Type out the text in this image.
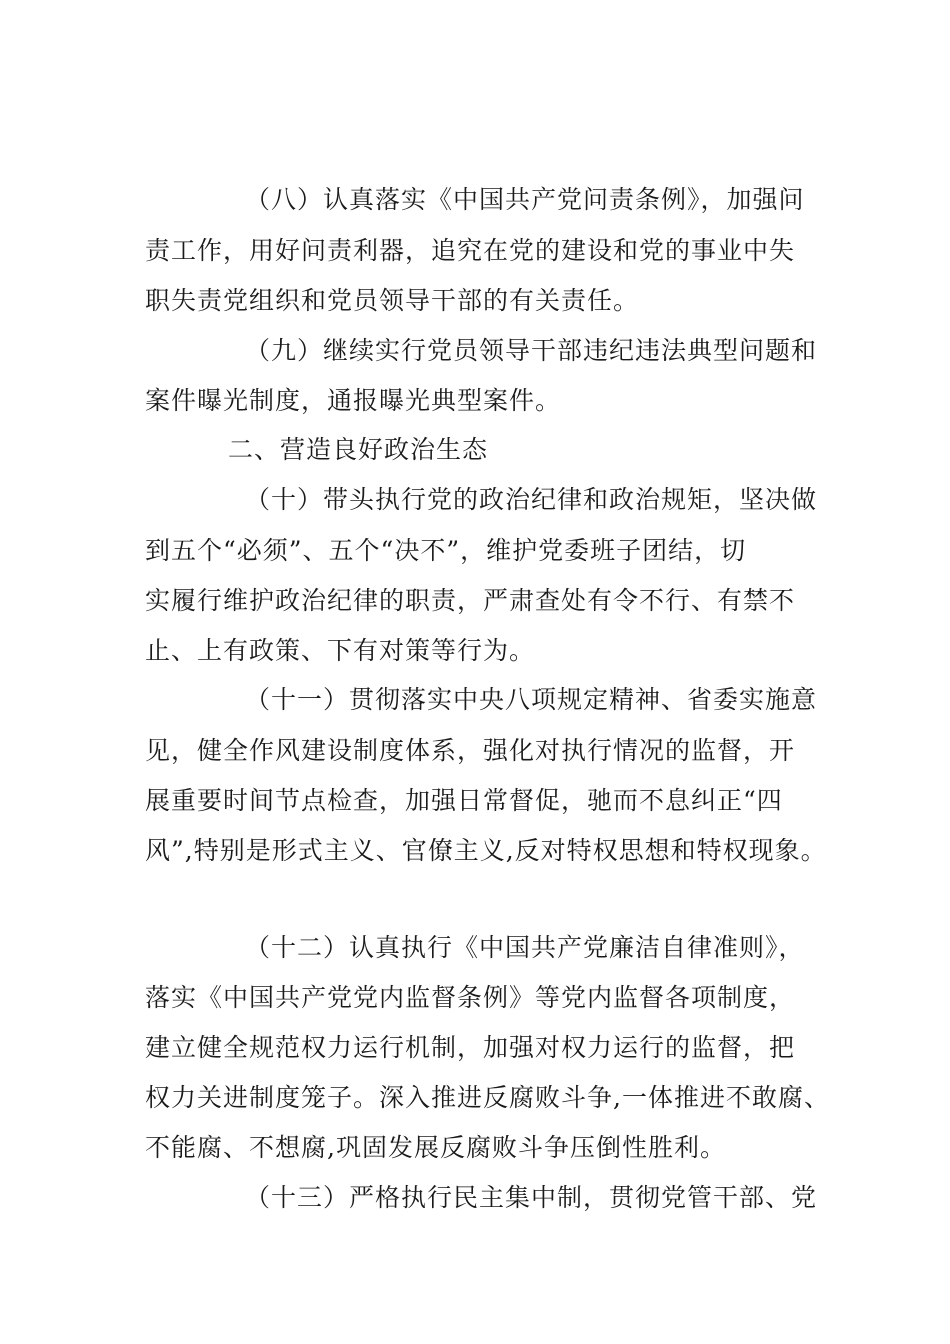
（八）认真落实《中国共产党问责条例》，加强问
责工作，用好问责利器，追究在党的建设和党的事业中失
职失责党组织和党员领导干部的有关责任。
（九）继续实行党员领导干部违纪违法典型问题和
案件曝光制度，通报曝光典型案件。
二、营造良好政治生态
（十）带头执行党的政治纪律和政治规矩，坚决做
到五个“必须”、五个“决不”，维护党委班子团结，切
实履行维护政治纪律的职责，严肃查处有令不行、有禁不
止、上有政策、下有对策等行为。
（十一）贯彻落实中央八项规定精神、省委实施意
见，健全作风建设制度体系，强化对执行情况的监督，开
展重要时间节点检查，加强日常督促，驰而不息纠正“四
风”,特别是形式主义、官僚主义,反对特权思想和特权现象。
（十二）认真执行《中国共产党廉洁自律准则》，
落实《中国共产党党内监督条例》等党内监督各项制度，
建立健全规范权力运行机制，加强对权力运行的监督，把
权力关进制度笼子。深入推进反腐败斗争,一体推进不敢腐、
不能腐、不想腐,巩固发展反腐败斗争压倒性胜利。
（十三）严格执行民主集中制，贯彻党管干部、党
